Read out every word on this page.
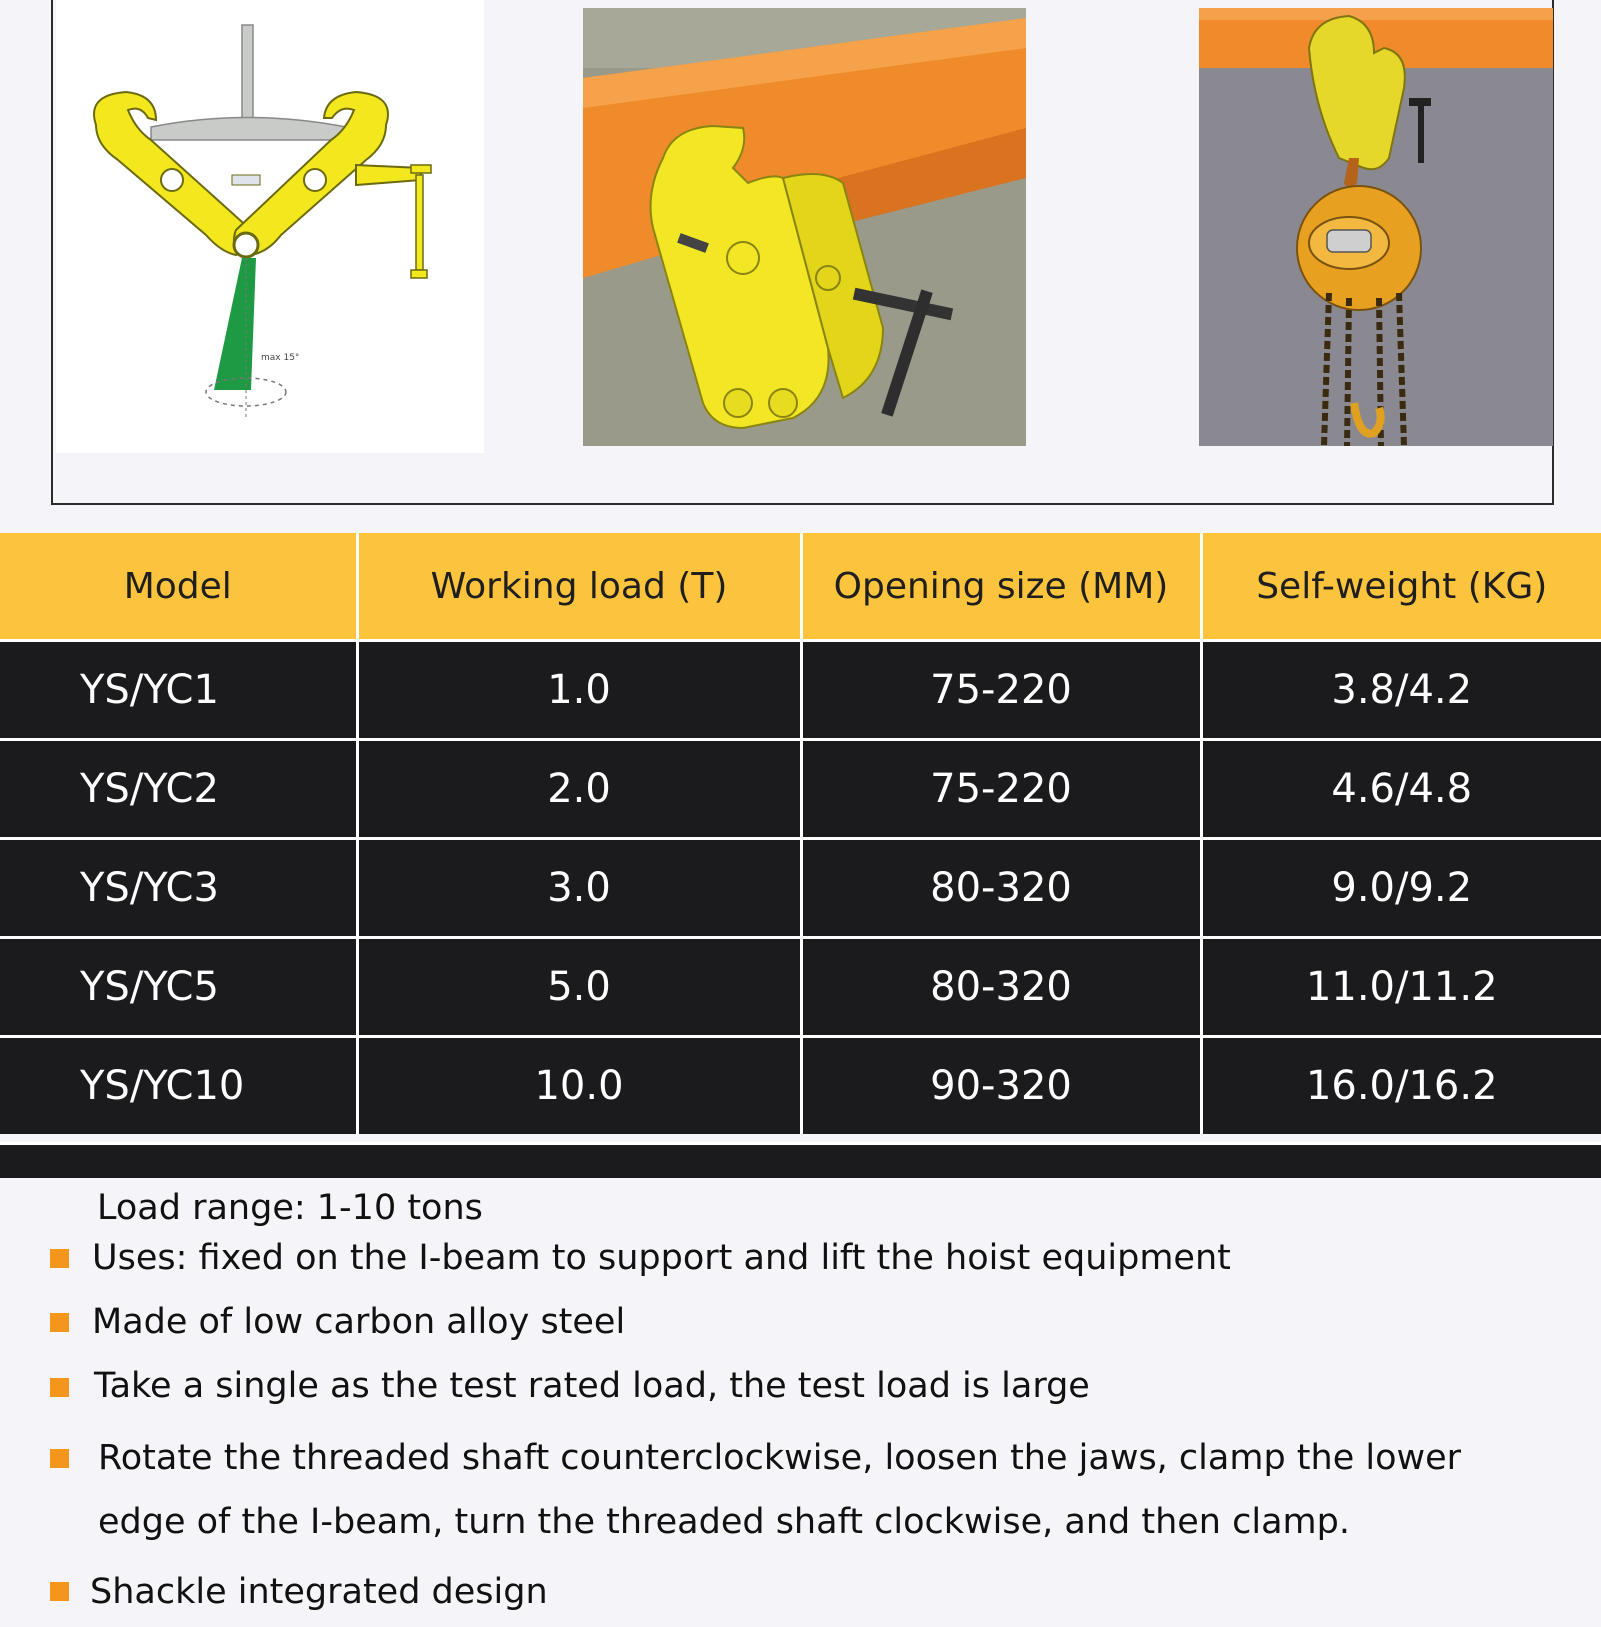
max 15°
Model	Working load (T)	Opening size (MM)	Self-weight (KG)
YS/YC1	1.0	75-220	3.8/4.2
YS/YC2	2.0	75-220	4.6/4.8
YS/YC3	3.0	80-320	9.0/9.2
YS/YC5	5.0	80-320	11.0/11.2
YS/YC10	10.0	90-320	16.0/16.2
Load range: 1-10 tons
Uses: fixed on the I-beam to support and lift the hoist equipment
Made of low carbon alloy steel
Take a single as the test rated load, the test load is large
Rotate the threaded shaft counterclockwise, loosen the jaws, clamp the lower
edge of the I-beam, turn the threaded shaft clockwise, and then clamp.
Shackle integrated design
